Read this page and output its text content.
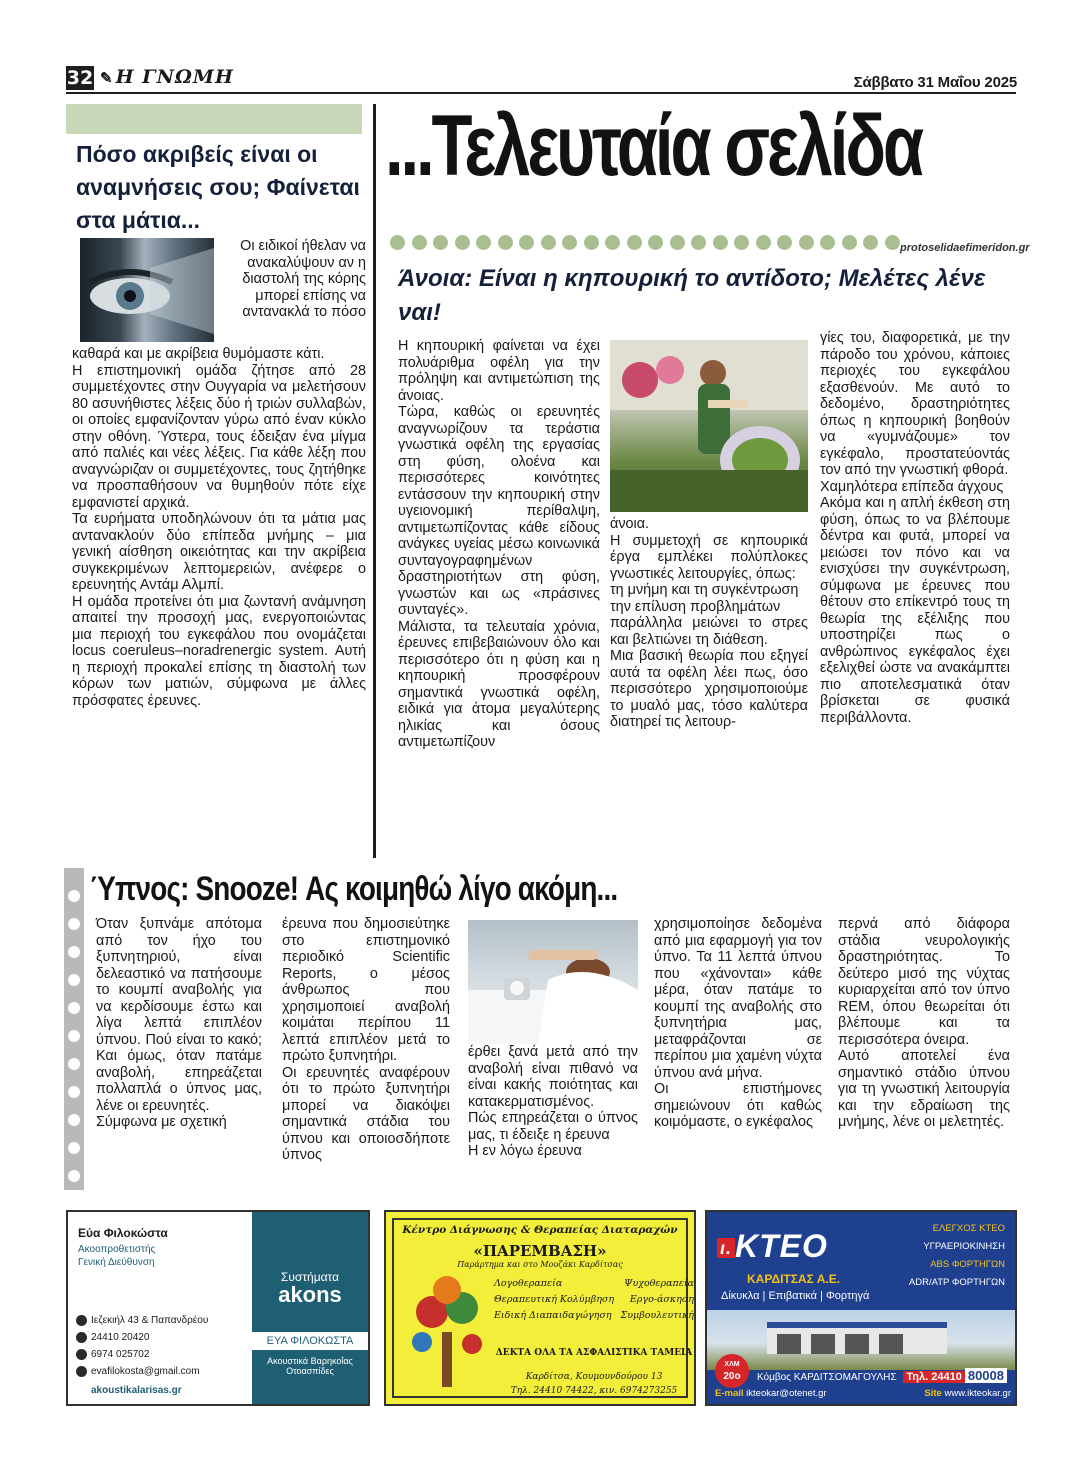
32 ✎ Η ΓΝΩΜΗ	Σάββατο 31 Μαΐου 2025
Πόσο ακριβείς είναι οι αναμνήσεις σου; Φαίνεται στα μάτια...
Οι ειδικοί ήθελαν να ανακαλύψουν αν η διαστολή της κόρης μπορεί επίσης να αντανακλά το πόσο
καθαρά και με ακρίβεια θυμόμαστε κάτι.
Η επιστημονική ομάδα ζήτησε από 28 συμμετέχοντες στην Ουγγαρία να μελετήσουν 80 ασυνήθιστες λέξεις δύο ή τριών συλλαβών, οι οποίες εμφανίζονταν γύρω από έναν κύκλο στην οθόνη. Ύστερα, τους έδειξαν ένα μίγμα από παλιές και νέες λέξεις. Για κάθε λέξη που αναγνώριζαν οι συμμετέχοντες, τους ζητήθηκε να προσπαθήσουν να θυμηθούν πότε είχε εμφανιστεί αρχικά.
Τα ευρήματα υποδηλώνουν ότι τα μάτια μας αντανακλούν δύο επίπεδα μνήμης – μια γενική αίσθηση οικειότητας και την ακρίβεια συγκεκριμένων λεπτομερειών, ανέφερε ο ερευνητής Αντάμ Αλμπί.
Η ομάδα προτείνει ότι μια ζωντανή ανάμνηση απαιτεί την προσοχή μας, ενεργοποιώντας μια περιοχή του εγκεφάλου που ονομάζεται locus coeruleus–noradrenergic system. Αυτή η περιοχή προκαλεί επίσης τη διαστολή των κόρων των ματιών, σύμφωνα με άλλες πρόσφατες έρευνες.
...Τελευταία σελίδα
protoselidaefimeridon.gr
Άνοια: Είναι η κηπουρική το αντίδοτο; Μελέτες λένε ναι!
Η κηπουρική φαίνεται να έχει πολυάριθμα οφέλη για την πρόληψη και αντιμετώπιση της άνοιας.
Τώρα, καθώς οι ερευνητές αναγνωρίζουν τα τεράστια γνωστικά οφέλη της εργασίας στη φύση, ολοένα και περισσότερες κοινότητες εντάσσουν την κηπουρική στην υγειονομική περίθαλψη, αντιμετωπίζοντας κάθε είδους ανάγκες υγείας μέσω κοινωνικά συνταγογραφημένων δραστηριοτήτων στη φύση, γνωστών και ως «πράσινες συνταγές».
Μάλιστα, τα τελευταία χρόνια, έρευνες επιβεβαιώνουν όλο και περισσότερο ότι η φύση και η κηπουρική προσφέρουν σημαντικά γνωστικά οφέλη, ειδικά για άτομα μεγαλύτερης ηλικίας και όσους αντιμετωπίζουν
άνοια.
Η συμμετοχή σε κηπουρικά έργα εμπλέκει πολύπλοκες γνωστικές λειτουργίες, όπως:
τη μνήμη και τη συγκέντρωση
την επίλυση προβλημάτων
παράλληλα μειώνει το στρες και βελτιώνει τη διάθεση.
Μια βασική θεωρία που εξηγεί αυτά τα οφέλη λέει πως, όσο περισσότερο χρησιμοποιούμε το μυαλό μας, τόσο καλύτερα διατηρεί τις λειτουρ-
γίες του, διαφορετικά, με την πάροδο του χρόνου, κάποιες περιοχές του εγκεφάλου εξασθενούν. Με αυτό το δεδομένο, δραστηριότητες όπως η κηπουρική βοηθούν να «γυμνάζουμε» τον εγκέφαλο, προστατεύοντάς τον από την γνωστική φθορά.
Χαμηλότερα επίπεδα άγχους
Ακόμα και η απλή έκθεση στη φύση, όπως το να βλέπουμε δέντρα και φυτά, μπορεί να μειώσει τον πόνο και να ενισχύσει την συγκέντρωση, σύμφωνα με έρευνες που θέτουν στο επίκεντρό τους τη θεωρία της εξέλιξης που υποστηρίζει πως ο ανθρώπινος εγκέφαλος έχει εξελιχθεί ώστε να ανακάμπτει πιο αποτελεσματικά όταν βρίσκεται σε φυσικά περιβάλλοντα.
Ύπνος: Snooze! Ας κοιμηθώ λίγο ακόμη...
Όταν ξυπνάμε απότομα από τον ήχο του ξυπνητηριού, είναι δελεαστικό να πατήσουμε το κουμπί αναβολής για να κερδίσουμε έστω και λίγα λεπτά επιπλέον ύπνου. Πού είναι το κακό; Και όμως, όταν πατάμε αναβολή, επηρεάζεται πολλαπλά ο ύπνος μας, λένε οι ερευνητές.
Σύμφωνα με σχετική
έρευνα που δημοσιεύτηκε στο επιστημονικό περιοδικό Scientific Reports, ο μέσος άνθρωπος που χρησιμοποιεί αναβολή κοιμάται περίπου 11 λεπτά επιπλέον μετά το πρώτο ξυπνητήρι.
Οι ερευνητές αναφέρουν ότι το πρώτο ξυπνητήρι μπορεί να διακόψει σημαντικά στάδια του ύπνου και οποιοσδήποτε ύπνος
έρθει ξανά μετά από την αναβολή είναι πιθανό να είναι κακής ποιότητας και κατακερματισμένος.
Πώς επηρεάζεται ο ύπνος μας, τι έδειξε η έρευνα
Η εν λόγω έρευνα
χρησιμοποίησε δεδομένα από μια εφαρμογή για τον ύπνο. Τα 11 λεπτά ύπνου που «χάνονται» κάθε μέρα, όταν πατάμε το κουμπί της αναβολής στο ξυπνητήρια μας, μεταφράζονται σε περίπου μια χαμένη νύχτα ύπνου ανά μήνα.
Οι επιστήμονες σημειώνουν ότι καθώς κοιμόμαστε, ο εγκέφαλος
περνά από διάφορα στάδια νευρολογικής δραστηριότητας. Το δεύτερο μισό της νύχτας κυριαρχείται από τον ύπνο REM, όπου θεωρείται ότι βλέπουμε και τα περισσότερα όνειρα.
Αυτό αποτελεί ένα σημαντικό στάδιο ύπνου για τη γνωστική λειτουργία και την εδραίωση της μνήμης, λένε οι μελετητές.
Εύα Φιλοκώστα
Ακοοπροθετιστής
Γενική Διεύθυνση
Ιεζεκιήλ 43 & Παπανδρέου
24410 20420
6974 025702
evafilokosta@gmail.com
akoustikalarisas.gr
Συστήματα
akons
ΕΥΑ ΦΙΛΟΚΩΣΤΑ
Ακουστικά Βαρηκοΐας
Οτοασπίδες
Κέντρο Διάγνωσης & Θεραπείας Διαταραχών
«ΠΑΡΕΜΒΑΣΗ»
Παράρτημα και στο Μουζάκι Καρδίτσας
Λογοθεραπεία	Ψυχοθεραπεία
Θεραπευτική Κολύμβηση Εργο-άσκηση
Ειδική Διαπαιδαγώγηση Συμβουλευτική
ΔΕΚΤΑ ΟΛΑ ΤΑ ΑΣΦΑΛΙΣΤΙΚΑ ΤΑΜΕΙΑ
Καρδίτσα, Κουμουνδούρου 13
Τηλ. 24410 74422, κιν. 6974273255
ι.ΚΤΕΟ
ΚΑΡΔΙΤΣΑΣ Α.Ε.
Δίκυκλα | Επιβατικά | Φορτηγά
ΕΛΕΓΧΟΣ ΚΤΕΟ
ΥΓΡΑΕΡΙΟΚΙΝΗΣΗ
ABS ΦΟΡΤΗΓΩΝ
ADR/ATP ΦΟΡΤΗΓΩΝ
ΧΛΜ
20ο	Κόμβος ΚΑΡΔΙΤΣΟΜΑΓΟΥΛΗΣ Τηλ. 24410 80008
E-mail ikteokar@otenet.gr	Site www.ikteokar.gr
